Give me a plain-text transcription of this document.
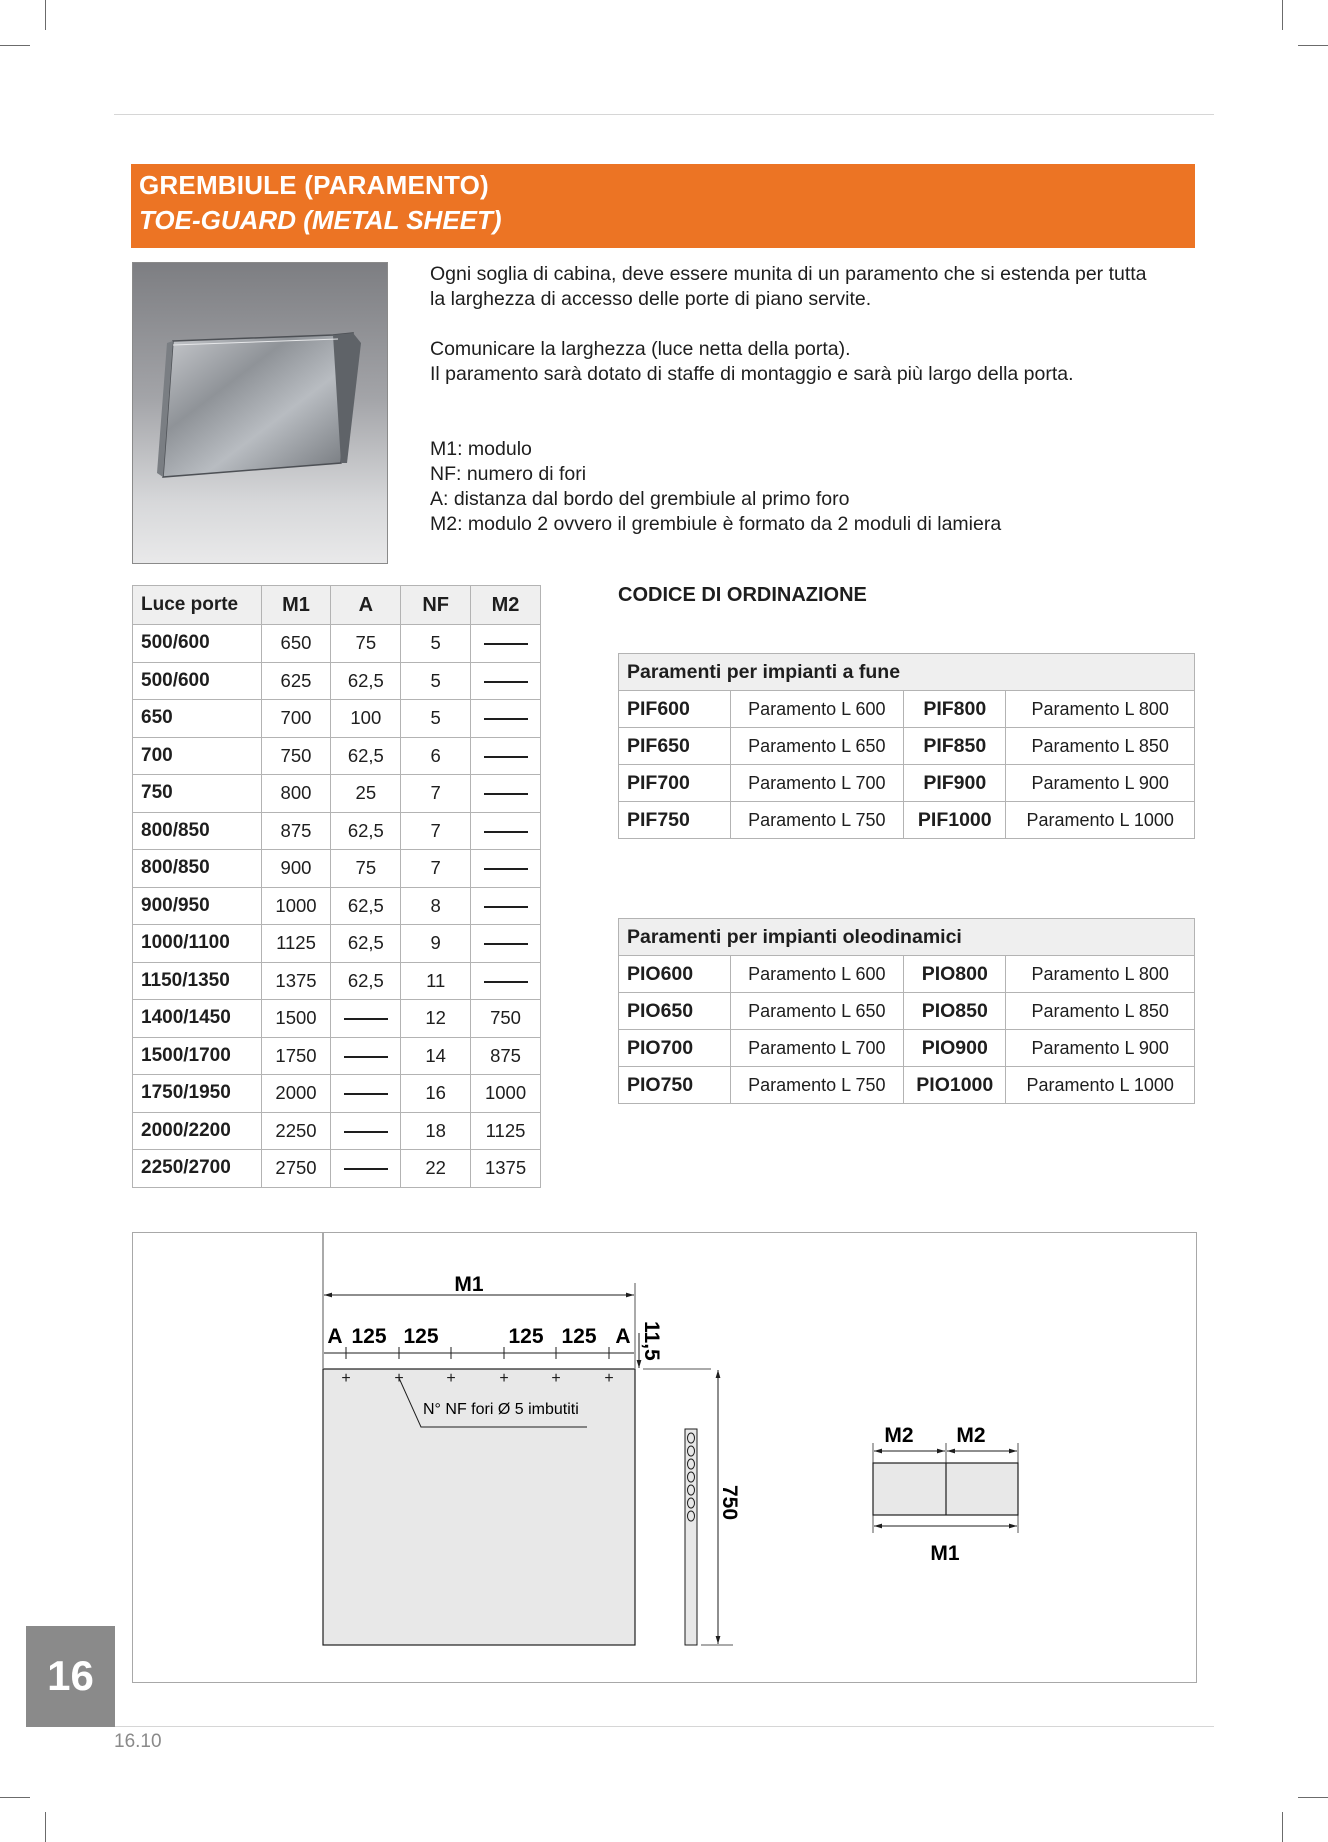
GREMBIULE (PARAMENTO)
TOE-GUARD (METAL SHEET)
Ogni soglia di cabina, deve essere munita di un paramento che si estenda per tutta
la larghezza di accesso delle porte di piano servite.
Comunicare la larghezza (luce netta della porta).
Il paramento sarà dotato di staffe di montaggio e sarà più largo della porta.
M1: modulo
NF: numero di fori
A: distanza dal bordo del grembiule al primo foro
M2: modulo 2 ovvero il grembiule è formato da 2 moduli di lamiera
Luce porte	M1	A	NF	M2
500/600	650	75	5	
500/600	625	62,5	5	
650	700	100	5	
700	750	62,5	6	
750	800	25	7	
800/850	875	62,5	7	
800/850	900	75	7	
900/950	1000	62,5	8	
1000/1100	1125	62,5	9	
1150/1350	1375	62,5	11	
1400/1450	1500		12	750
1500/1700	1750		14	875
1750/1950	2000		16	1000
2000/2200	2250		18	1125
2250/2700	2750		22	1375
CODICE DI ORDINAZIONE
Paramenti per impianti a fune			
PIF600	Paramento L 600	PIF800	Paramento L 800
PIF650	Paramento L 650	PIF850	Paramento L 850
PIF700	Paramento L 700	PIF900	Paramento L 900
PIF750	Paramento L 750	PIF1000	Paramento L 1000
Paramenti per impianti oleodinamici			
PIO600	Paramento L 600	PIO800	Paramento L 800
PIO650	Paramento L 650	PIO850	Paramento L 850
PIO700	Paramento L 700	PIO900	Paramento L 900
PIO750	Paramento L 750	PIO1000	Paramento L 1000
M1
A 125 125	125 125 A 11,5
+	+	+	+	+	+
N° NF fori Ø 5 imbutiti
750
M2 M2
M1
16
16.10
